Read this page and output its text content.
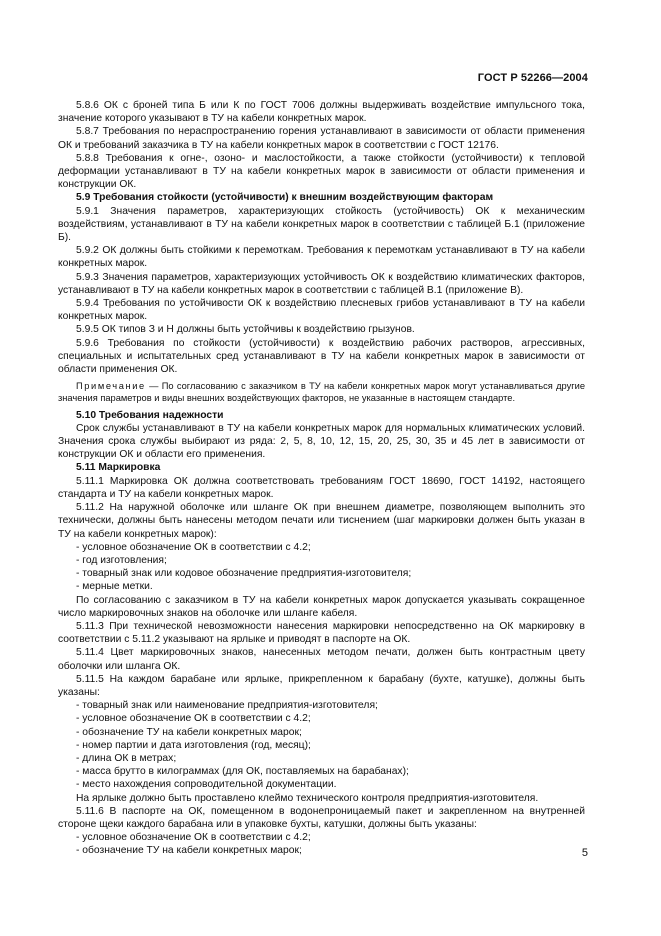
ГОСТ Р 52266—2004

5.8.6 ОК с броней типа Б или К по ГОСТ 7006 должны выдерживать воздействие импульсного тока, значение которого указывают в ТУ на кабели конкретных марок.

5.8.7 Требования по нераспространению горения устанавливают в зависимости от области применения ОК и требований заказчика в ТУ на кабели конкретных марок в соответствии с ГОСТ 12176.

5.8.8 Требования к огне-, озоно- и маслостойкости, а также стойкости (устойчивости) к тепловой деформации устанавливают в ТУ на кабели конкретных марок в зависимости от области применения и конструкции ОК.

5.9 Требования стойкости (устойчивости) к внешним воздействующим факторам

5.9.1 Значения параметров, характеризующих стойкость (устойчивость) ОК к механическим воздействиям, устанавливают в ТУ на кабели конкретных марок в соответствии с таблицей Б.1 (приложение Б).

5.9.2 ОК должны быть стойкими к перемоткам. Требования к перемоткам устанавливают в ТУ на кабели конкретных марок.

5.9.3 Значения параметров, характеризующих устойчивость ОК к воздействию климатических факторов, устанавливают в ТУ на кабели конкретных марок в соответствии с таблицей В.1 (приложение В).

5.9.4 Требования по устойчивости ОК к воздействию плесневых грибов устанавливают в ТУ на кабели конкретных марок.

5.9.5 ОК типов З и Н должны быть устойчивы к воздействию грызунов.

5.9.6 Требования по стойкости (устойчивости) к воздействию рабочих растворов, агрессивных, специальных и испытательных сред устанавливают в ТУ на кабели конкретных марок в зависимости от области применения ОК.

Примечание — По согласованию с заказчиком в ТУ на кабели конкретных марок могут устанавливаться другие значения параметров и виды внешних воздействующих факторов, не указанные в настоящем стандарте.

5.10 Требования надежности

Срок службы устанавливают в ТУ на кабели конкретных марок для нормальных климатических условий. Значения срока службы выбирают из ряда: 2, 5, 8, 10, 12, 15, 20, 25, 30, 35 и 45 лет в зависимости от конструкции ОК и области его применения.

5.11 Маркировка

5.11.1 Маркировка ОК должна соответствовать требованиям ГОСТ 18690, ГОСТ 14192, настоящего стандарта и ТУ на кабели конкретных марок.

5.11.2 На наружной оболочке или шланге ОК при внешнем диаметре, позволяющем выполнить это технически, должны быть нанесены методом печати или тиснением (шаг маркировки должен быть указан в ТУ на кабели конкретных марок):

- условное обозначение ОК в соответствии с 4.2;

- год изготовления;

- товарный знак или кодовое обозначение предприятия-изготовителя;

- мерные метки.

По согласованию с заказчиком в ТУ на кабели конкретных марок допускается указывать сокращенное число маркировочных знаков на оболочке или шланге кабеля.

5.11.3 При технической невозможности нанесения маркировки непосредственно на ОК маркировку в соответствии с 5.11.2 указывают на ярлыке и приводят в паспорте на ОК.

5.11.4 Цвет маркировочных знаков, нанесенных методом печати, должен быть контрастным цвету оболочки или шланга ОК.

5.11.5 На каждом барабане или ярлыке, прикрепленном к барабану (бухте, катушке), должны быть указаны:

- товарный знак или наименование предприятия-изготовителя;

- условное обозначение ОК в соответствии с 4.2;

- обозначение ТУ на кабели конкретных марок;

- номер партии и дата изготовления (год, месяц);

- длина ОК в метрах;

- масса брутто в килограммах (для ОК, поставляемых на барабанах);

- место нахождения сопроводительной документации.

На ярлыке должно быть проставлено клеймо технического контроля предприятия-изготовителя.

5.11.6 В паспорте на ОК, помещенном в водонепроницаемый пакет и закрепленном на внутренней стороне щеки каждого барабана или в упаковке бухты, катушки, должны быть указаны:

- условное обозначение ОК в соответствии с 4.2;

- обозначение ТУ на кабели конкретных марок;	5
